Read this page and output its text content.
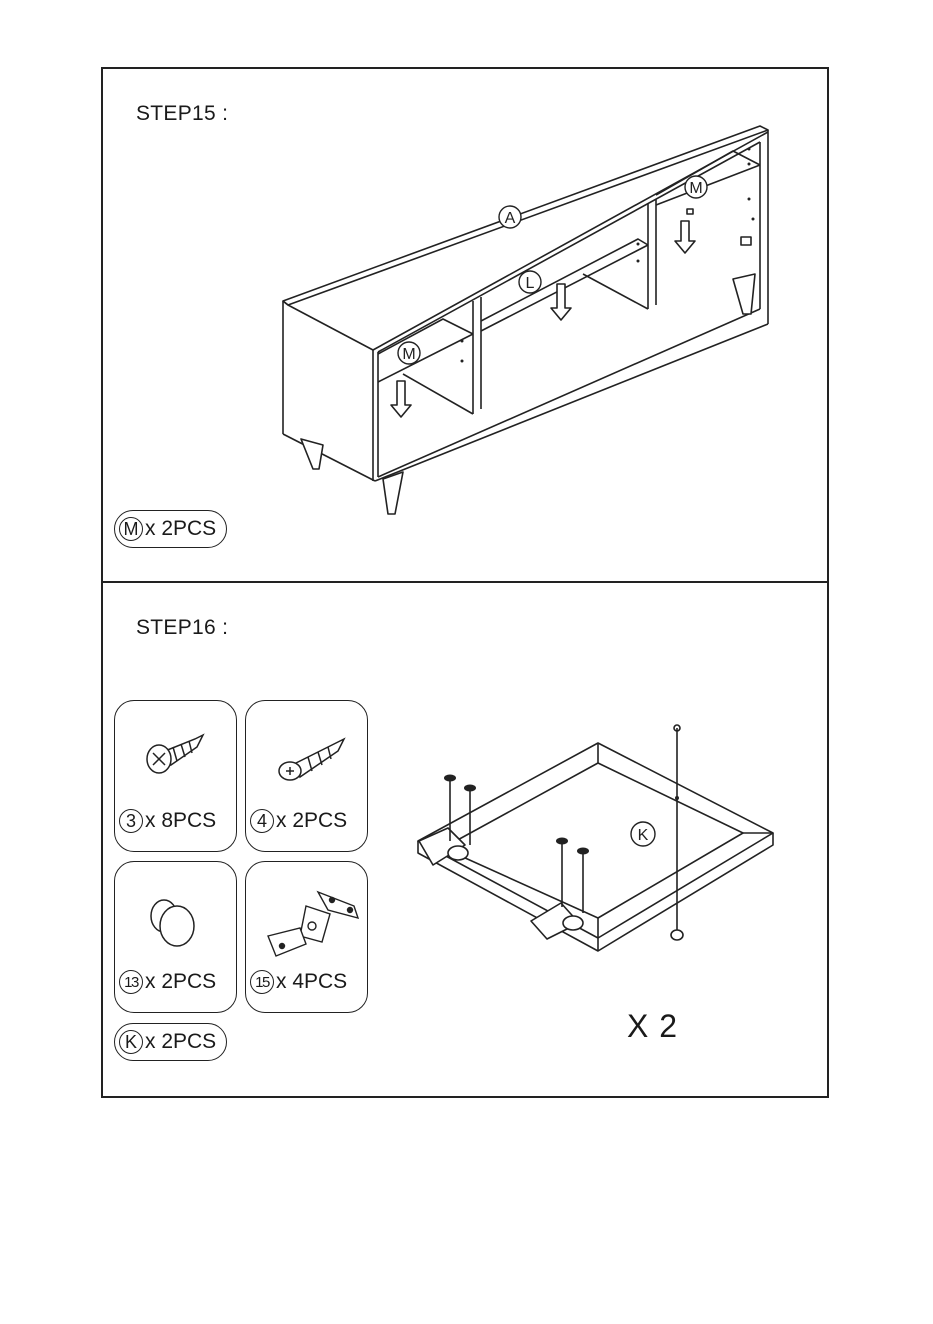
STEP15 :
A
L
M
M
M x 2PCS
STEP16 :
3 x 8PCS	4 x 2PCS
13 x 2PCS	15 x 4PCS
K x 2PCS
K
X 2
